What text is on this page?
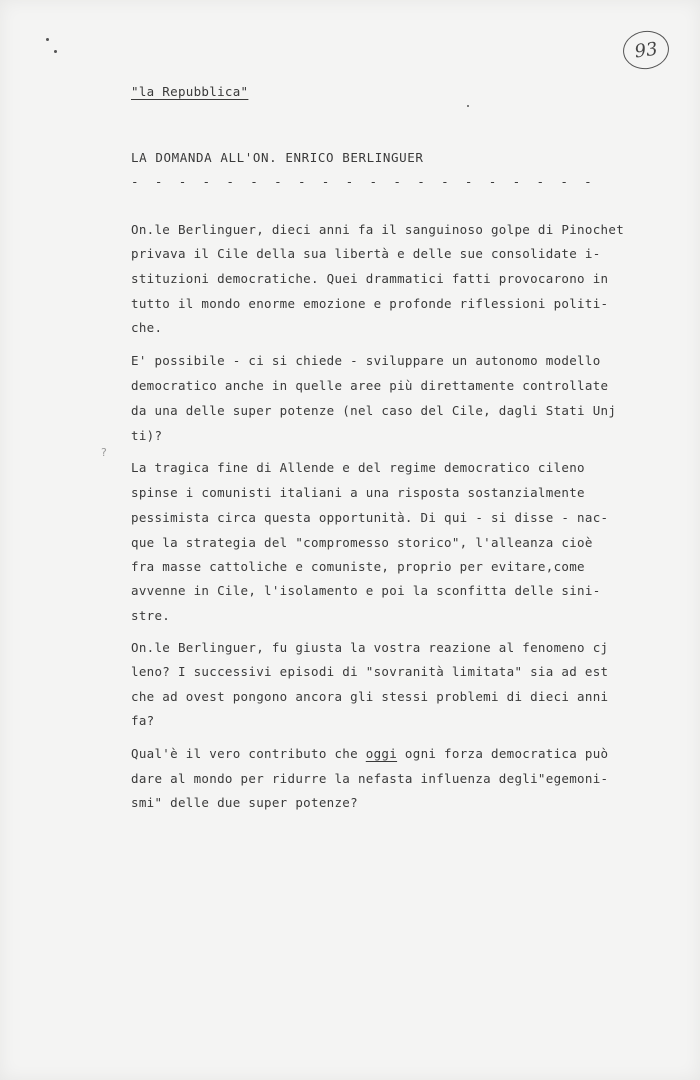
93
?
"la Repubblica"
LA DOMANDA ALL'ON. ENRICO BERLINGUER
- - - - - - - - - - - - - - - - - - - -
On.le Berlinguer, dieci anni fa il sanguinoso golpe di Pinochet
privava il Cile della sua libertà e delle sue consolidate i-
stituzioni democratiche. Quei drammatici fatti provocarono in
tutto il mondo enorme emozione e profonde riflessioni politi-
che.
E' possibile - ci si chiede - sviluppare un autonomo modello
democratico anche in quelle aree più direttamente controllate
da una delle super potenze (nel caso del Cile, dagli Stati Unj
ti)?
La tragica fine di Allende e del regime democratico cileno
spinse i comunisti italiani a una risposta sostanzialmente
pessimista circa questa opportunità. Di qui - si disse - nac-
que la strategia del "compromesso storico", l'alleanza cioè
fra masse cattoliche e comuniste, proprio per evitare,come
avvenne in Cile, l'isolamento e poi la sconfitta delle sini-
stre.
On.le Berlinguer, fu giusta la vostra reazione al fenomeno cj
leno? I successivi episodi di "sovranità limitata" sia ad est
che ad ovest pongono ancora gli stessi problemi di dieci anni
fa?
Qual'è il vero contributo che oggi ogni forza democratica può
dare al mondo per ridurre la nefasta influenza degli"egemoni-
smi" delle due super potenze?
